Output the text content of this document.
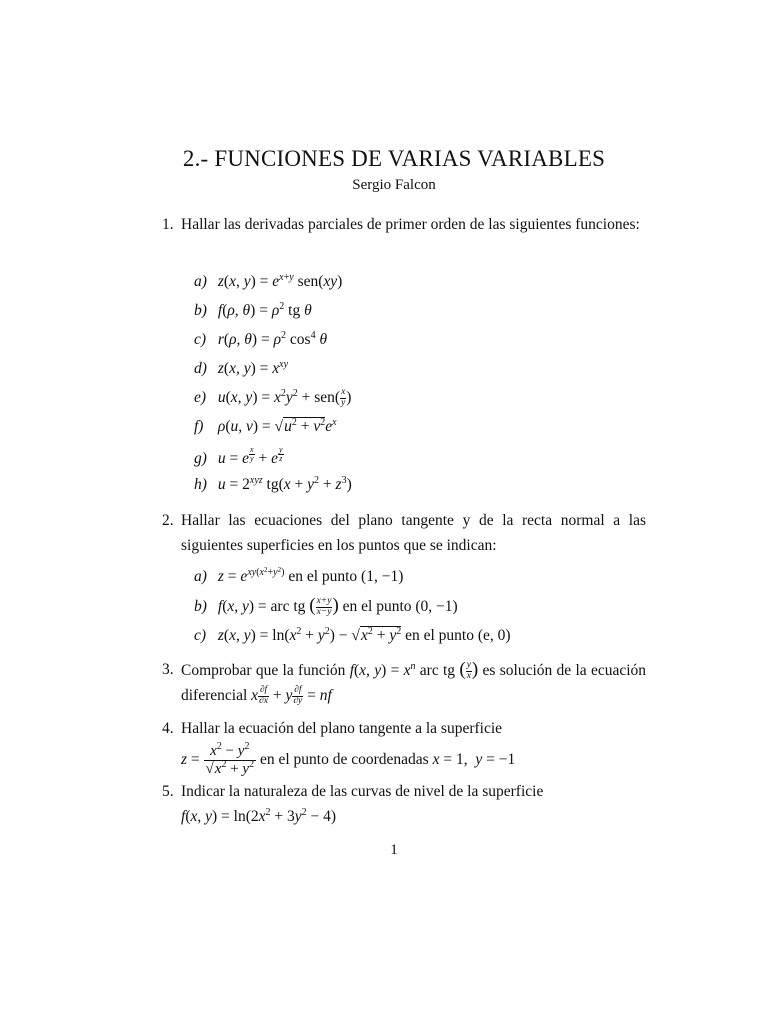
2.- FUNCIONES DE VARIAS VARIABLES
Sergio Falcon
1. Hallar las derivadas parciales de primer orden de las siguientes funciones:
a) z(x, $y) = e^{x+y}$ sen(xy)
b) f(ρ, $\theta) = \rho^2$ tg θ
c) r(ρ, $\theta) = \rho^2$ $\cos^4 \theta$
d) z(x, $y) = x^{xy}$
e) u(x, $y) = x^2y^2 + sen( \frac{x}{y}$ )
f) ρ(u, $v) = √u^2 + v^2e^x$
g) u = e $^{\frac{x}{y}}$ + e $^{\frac{y}{z}}$
h) $u = 2^{xyz}$ $tg(x + y^2 + z^3)$
2. Hallar las ecuaciones del plano tangente y de la recta normal a las siguientes superficies en los puntos que se indican:
a) $z = e^{xy(x^2+y^2)}$ en el punto (1, −1)
b) f(x, y) = arc tg ( $\frac{x+y}{x-y}$ ) en el punto (0, −1)
c) z(x, $y) = \ln(x^2 + y^2) - √x^2 + y^2$ en el punto (e, 0)
3. Comprobar que la función f(x, $y) = x^n$ arc tg ( $\frac{y}{x}$ ) es solución de la ecuación diferencial x $\frac{\partial f}{\partial x} + y \frac{\partial f}{\partial y}$ = nf
4. Hallar la ecuación del plano tangente a la superficie
$z = \frac{x^2 - y^2}{√x^2 + y^2}$ en el punto de coordenadas x = 1,  y = −1
5. Indicar la naturaleza de las curvas de nivel de la superficie
f(x, $y) = \ln(2x^2 + 3y^2 - 4)$
1
